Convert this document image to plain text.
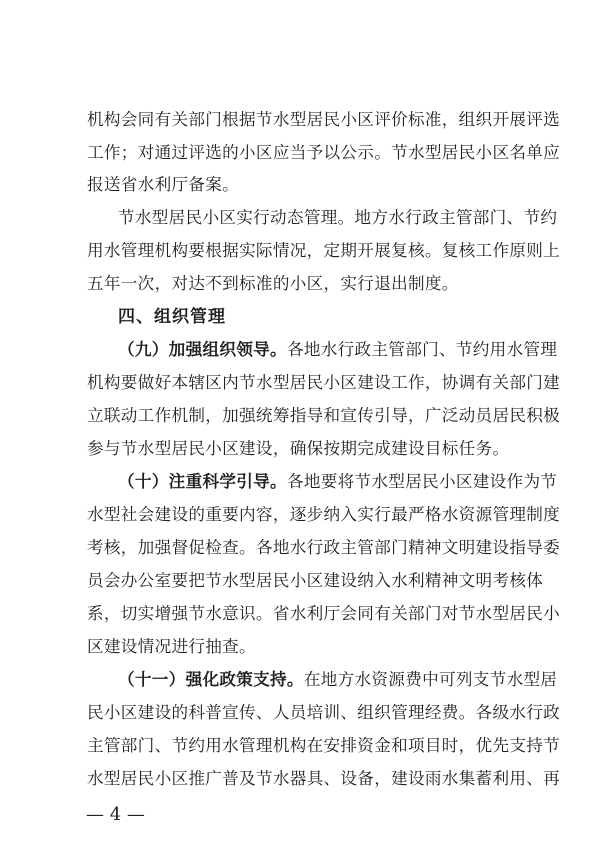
机构会同有关部门根据节水型居民小区评价标准，组织开展评选
工作；对通过评选的小区应当予以公示。节水型居民小区名单应
报送省水利厅备案。
节水型居民小区实行动态管理。地方水行政主管部门、节约
用水管理机构要根据实际情况，定期开展复核。复核工作原则上
五年一次，对达不到标准的小区，实行退出制度。
四、组织管理
（九）加强组织领导。各地水行政主管部门、节约用水管理
机构要做好本辖区内节水型居民小区建设工作，协调有关部门建
立联动工作机制，加强统筹指导和宣传引导，广泛动员居民积极
参与节水型居民小区建设，确保按期完成建设目标任务。
（十）注重科学引导。各地要将节水型居民小区建设作为节
水型社会建设的重要内容，逐步纳入实行最严格水资源管理制度
考核，加强督促检查。各地水行政主管部门精神文明建设指导委
员会办公室要把节水型居民小区建设纳入水利精神文明考核体
系，切实增强节水意识。省水利厅会同有关部门对节水型居民小
区建设情况进行抽查。
（十一）强化政策支持。在地方水资源费中可列支节水型居
民小区建设的科普宣传、人员培训、组织管理经费。各级水行政
主管部门、节约用水管理机构在安排资金和项目时，优先支持节
水型居民小区推广普及节水器具、设备，建设雨水集蓄利用、再
— 4 —
